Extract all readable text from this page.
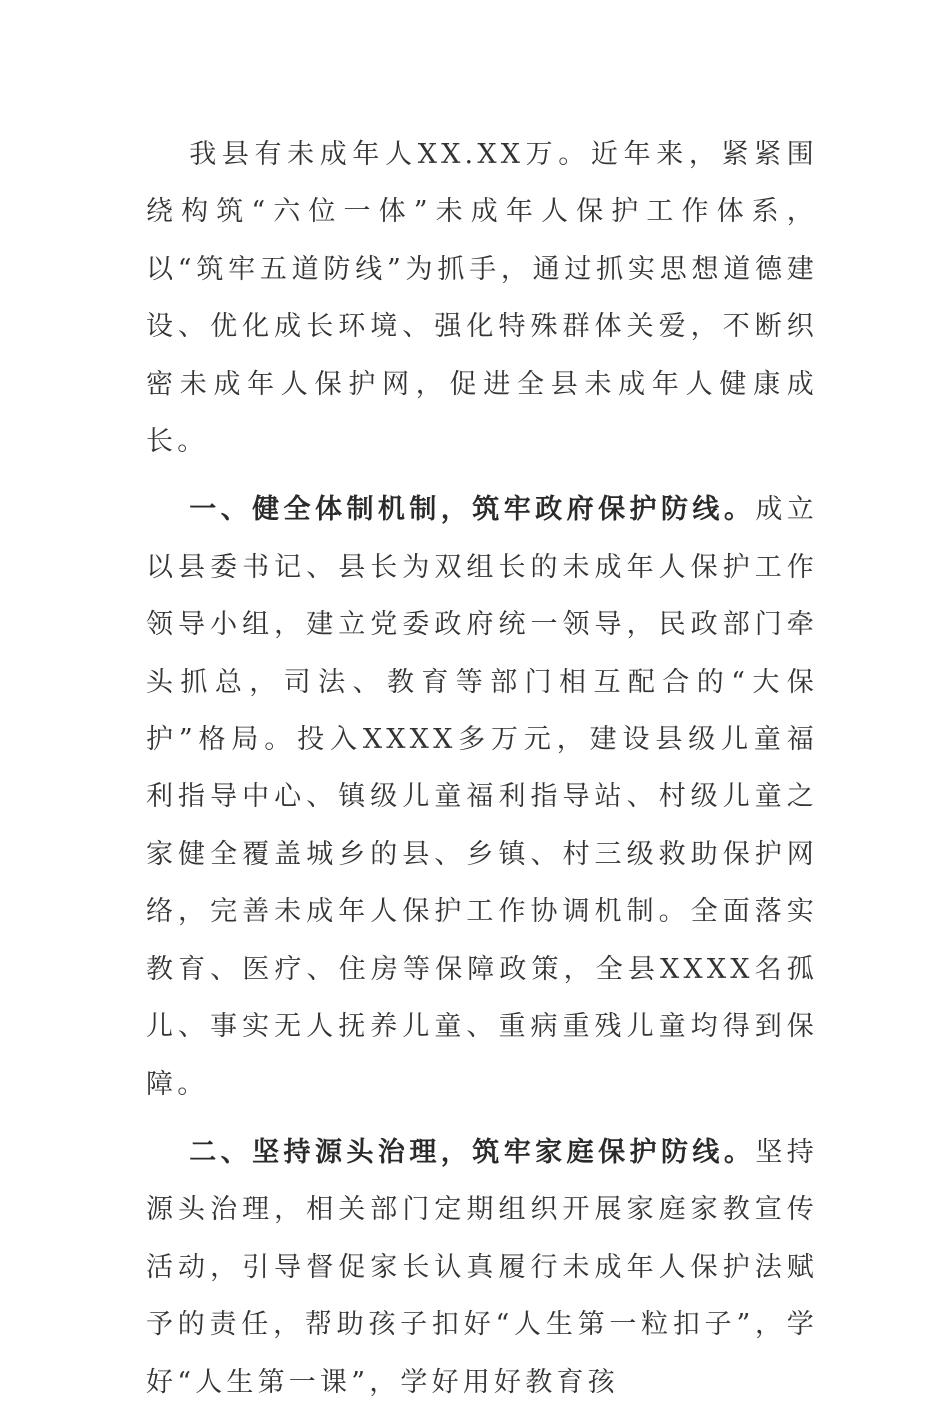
我县有未成年人XX.XX万。近年来，紧紧围绕构筑“六位一体”未成年人保护工作体系，以“筑牢五道防线”为抓手，通过抓实思想道德建设、优化成长环境、强化特殊群体关爱，不断织密未成年人保护网，促进全县未成年人健康成长。

一、健全体制机制，筑牢政府保护防线。成立以县委书记、县长为双组长的未成年人保护工作领导小组，建立党委政府统一领导，民政部门牵头抓总，司法、教育等部门相互配合的“大保护”格局。投入XXXX多万元，建设县级儿童福利指导中心、镇级儿童福利指导站、村级儿童之家健全覆盖城乡的县、乡镇、村三级救助保护网络，完善未成年人保护工作协调机制。全面落实教育、医疗、住房等保障政策，全县XXXX名孤儿、事实无人抚养儿童、重病重残儿童均得到保障。

二、坚持源头治理，筑牢家庭保护防线。坚持源头治理，相关部门定期组织开展家庭家教宣传活动，引导督促家长认真履行未成年人保护法赋予的责任，帮助孩子扣好“人生第一粒扣子”，学好“人生第一课”，学好用好教育孩
